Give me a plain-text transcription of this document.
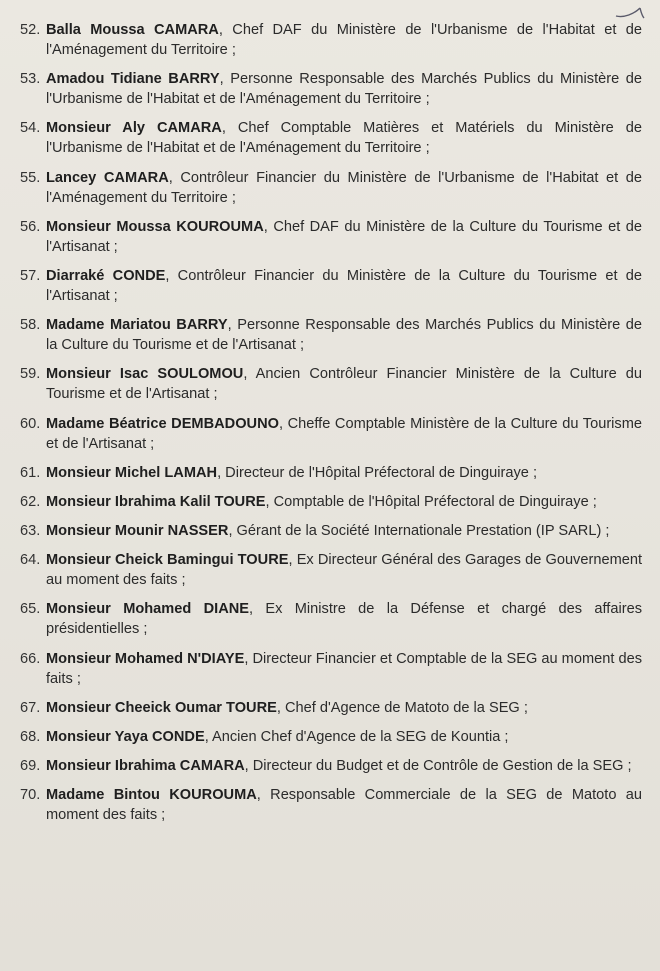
52. Balla Moussa CAMARA, Chef DAF du Ministère de l'Urbanisme de l'Habitat et de l'Aménagement du Territoire ;
53. Amadou Tidiane BARRY, Personne Responsable des Marchés Publics du Ministère de l'Urbanisme de l'Habitat et de l'Aménagement du Territoire ;
54. Monsieur Aly CAMARA, Chef Comptable Matières et Matériels du Ministère de l'Urbanisme de l'Habitat et de l'Aménagement du Territoire ;
55. Lancey CAMARA, Contrôleur Financier du Ministère de l'Urbanisme de l'Habitat et de l'Aménagement du Territoire ;
56. Monsieur Moussa KOUROUMA, Chef DAF du Ministère de la Culture du Tourisme et de l'Artisanat ;
57. Diarraké CONDE, Contrôleur Financier du Ministère de la Culture du Tourisme et de l'Artisanat ;
58. Madame Mariatou BARRY, Personne Responsable des Marchés Publics du Ministère de la Culture du Tourisme et de l'Artisanat ;
59. Monsieur Isac SOULOMOU, Ancien Contrôleur Financier Ministère de la Culture du Tourisme et de l'Artisanat ;
60. Madame Béatrice DEMBADOUNO, Cheffe Comptable Ministère de la Culture du Tourisme et de l'Artisanat ;
61. Monsieur Michel LAMAH, Directeur de l'Hôpital Préfectoral de Dinguiraye ;
62. Monsieur Ibrahima Kalil TOURE, Comptable de l'Hôpital Préfectoral de Dinguiraye ;
63. Monsieur Mounir NASSER, Gérant de la Société Internationale Prestation (IP SARL) ;
64. Monsieur Cheick Bamingui TOURE, Ex Directeur Général des Garages de Gouvernement au moment des faits ;
65. Monsieur Mohamed DIANE, Ex Ministre de la Défense et chargé des affaires présidentielles ;
66. Monsieur Mohamed N'DIAYE, Directeur Financier et Comptable de la SEG au moment des faits ;
67. Monsieur Cheeick Oumar TOURE, Chef d'Agence de Matoto de la SEG ;
68. Monsieur Yaya CONDE, Ancien Chef d'Agence de la SEG de Kountia ;
69. Monsieur Ibrahima CAMARA, Directeur du Budget et de Contrôle de Gestion de la SEG ;
70. Madame Bintou KOUROUMA, Responsable Commerciale de la SEG de Matoto au moment des faits ;
